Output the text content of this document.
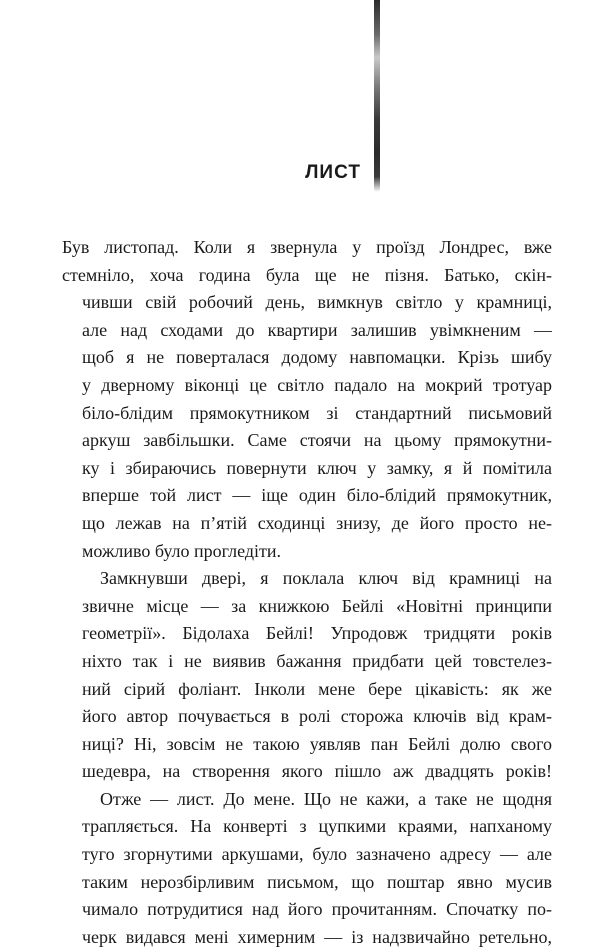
ЛИСТ
Був листопад. Коли я звернула у проїзд Лондрес, вже
стемніло, хоча година була ще не пізня. Батько, скін-
чивши свій робочий день, вимкнув світло у крамниці,
але над сходами до квартири залишив увімкненим —
щоб я не поверталася додому навпомацки. Крізь шибу
у дверному віконці це світло падало на мокрий тротуар
біло-блідим прямокутником зі стандартний письмовий
аркуш завбільшки. Саме стоячи на цьому прямокутни-
ку і збираючись повернути ключ у замку, я й помітила
вперше той лист — іще один біло-блідий прямокутник,
що лежав на п’ятій сходинці знизу, де його просто не-
можливо було прогледіти.
Замкнувши двері, я поклала ключ від крамниці на
звичне місце — за книжкою Бейлі «Новітні принципи
геометрії». Бідолаха Бейлі! Упродовж тридцяти років
ніхто так і не виявив бажання придбати цей товстелез-
ний сірий фоліант. Інколи мене бере цікавість: як же
його автор почувається в ролі сторожа ключів від крам-
ниці? Ні, зовсім не такою уявляв пан Бейлі долю свого
шедевра, на створення якого пішло аж двадцять років!
Отже — лист. До мене. Що не кажи, а таке не щодня
трапляється. На конверті з цупкими краями, напханому
туго згорнутими аркушами, було зазначено адресу — але
таким нерозбірливим письмом, що поштар явно мусив
чимало потрудитися над його прочитанням. Спочатку по-
черк видався мені химерним — із надзвичайно ретельно,
